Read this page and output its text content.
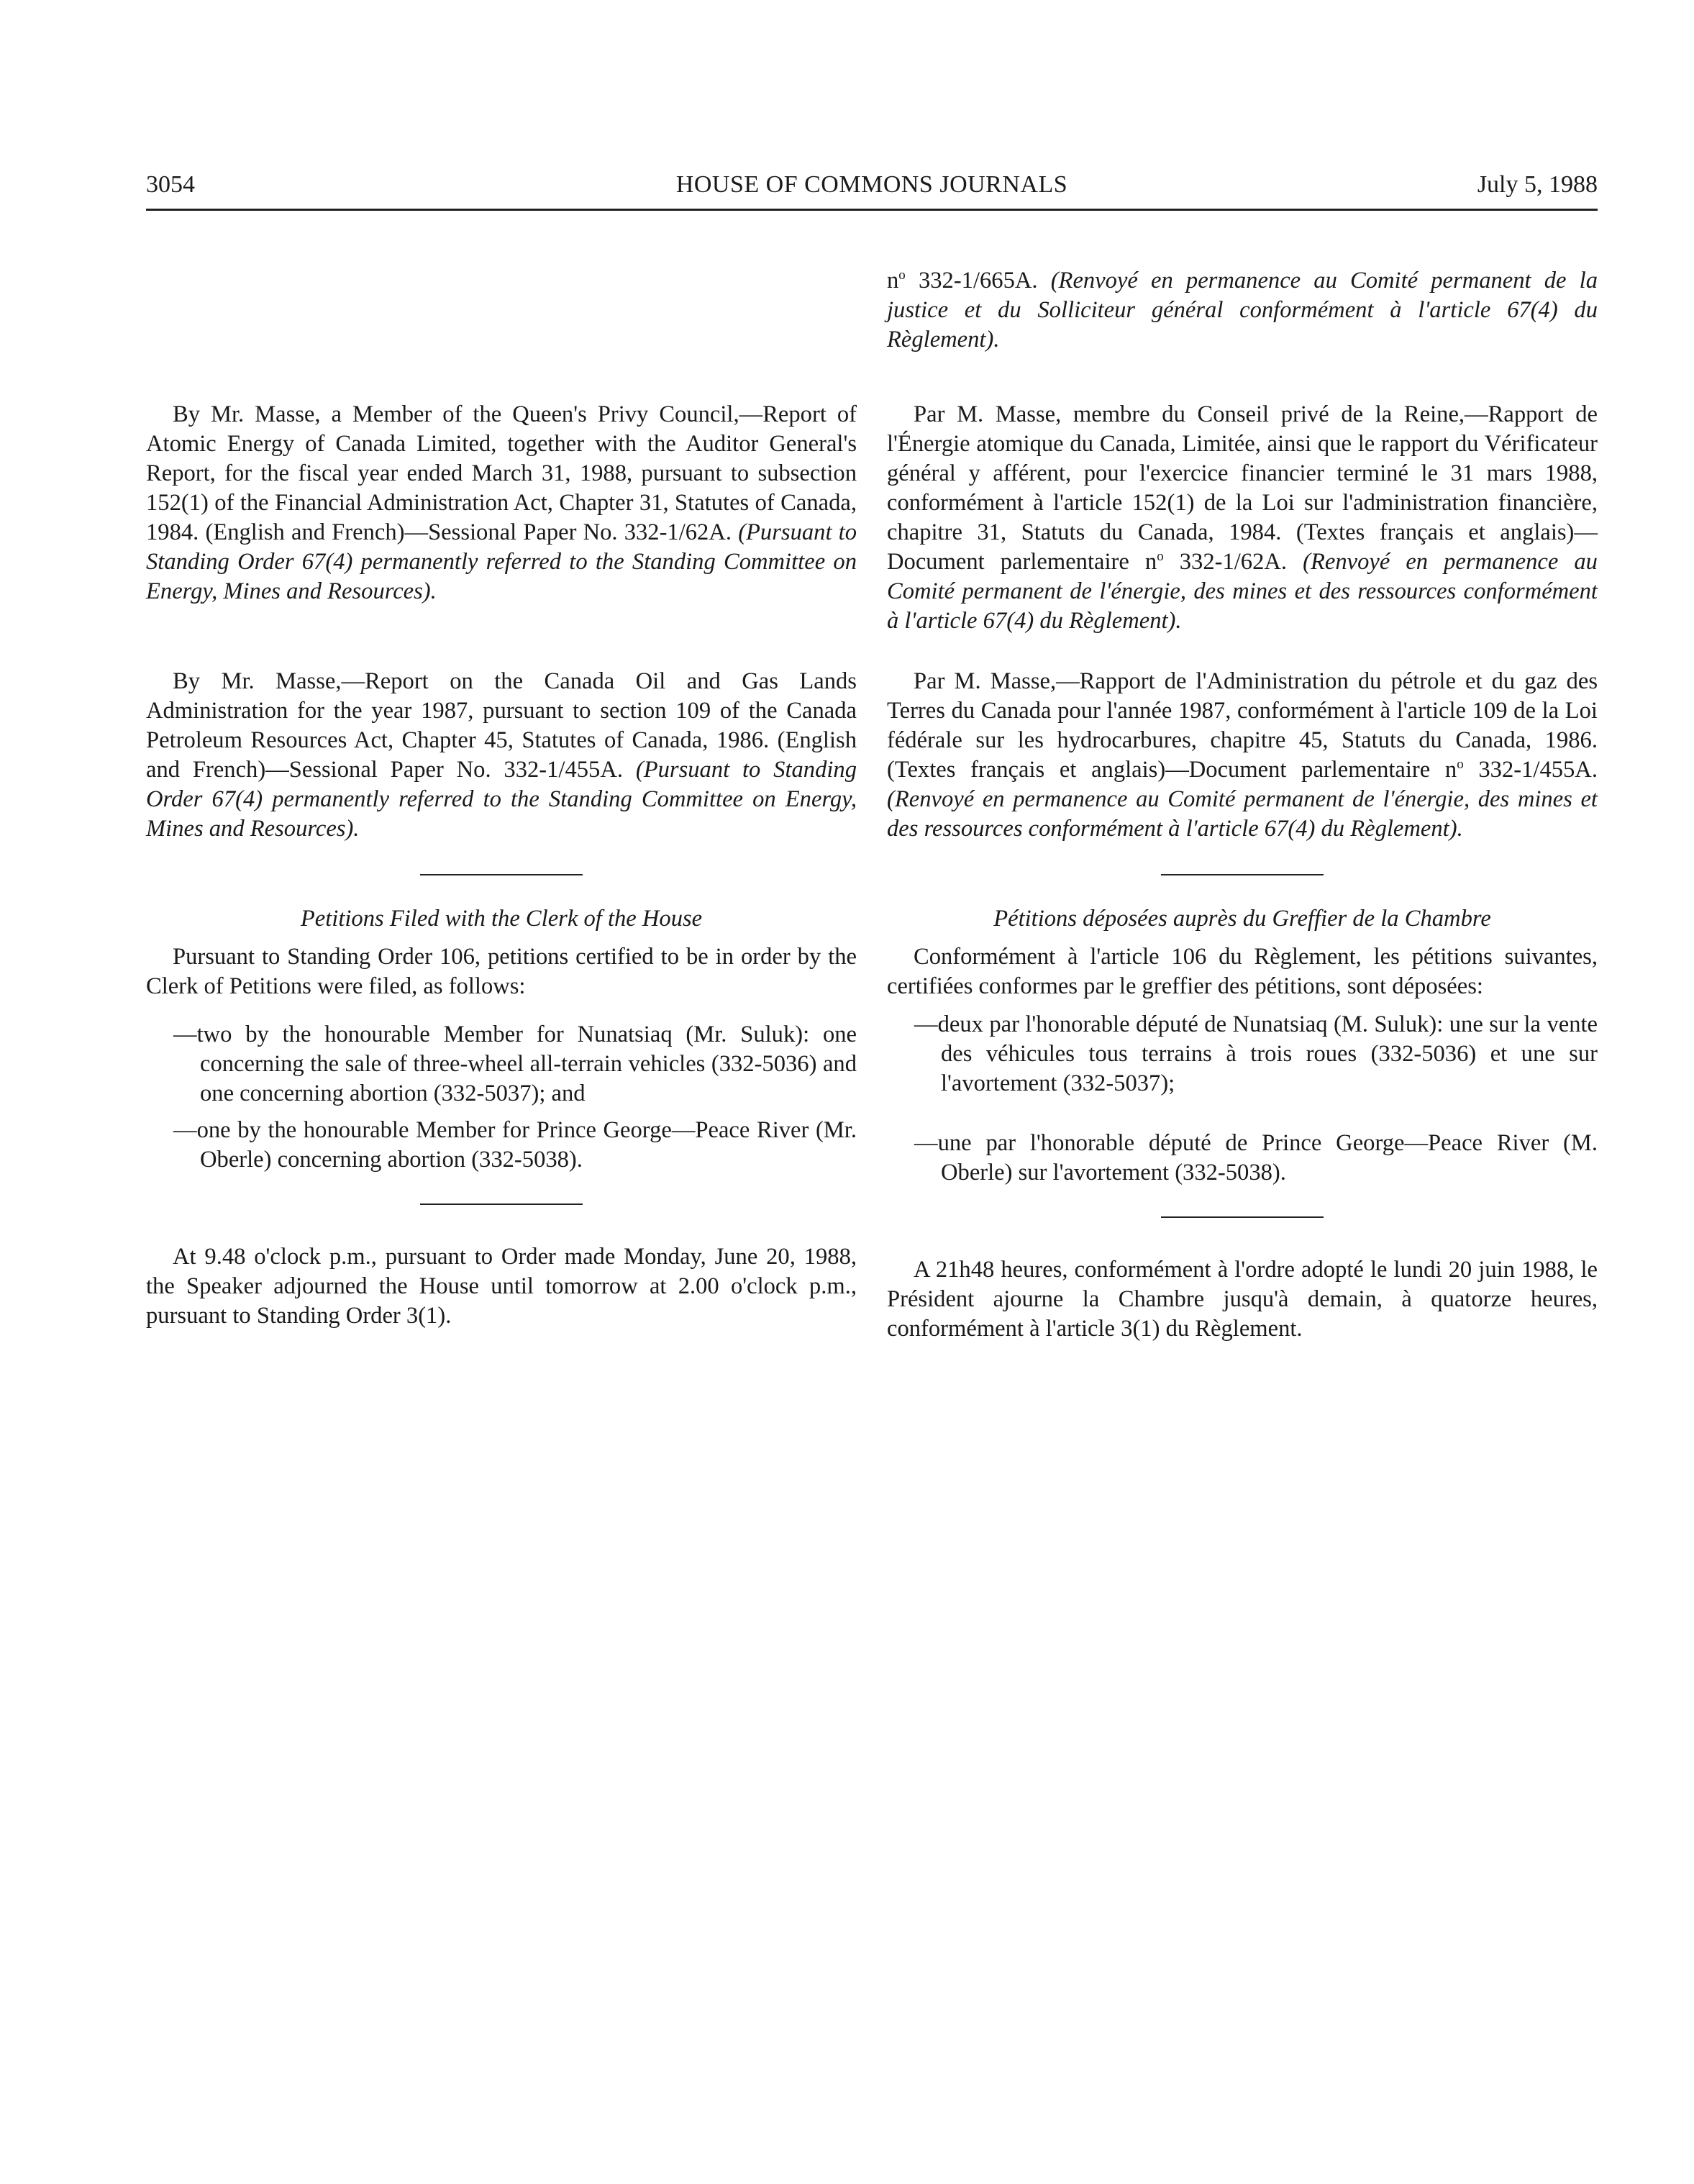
3054	HOUSE OF COMMONS JOURNALS	July 5, 1988

By Mr. Masse, a Member of the Queen's Privy Council,—Report of Atomic Energy of Canada Limited, together with the Auditor General's Report, for the fiscal year ended March 31, 1988, pursuant to subsection 152(1) of the Financial Administration Act, Chapter 31, Statutes of Canada, 1984. (English and French)—Sessional Paper No. 332-1/62A. (Pursuant to Standing Order 67(4) permanently referred to the Standing Committee on Energy, Mines and Resources).

By Mr. Masse,—Report on the Canada Oil and Gas Lands Administration for the year 1987, pursuant to section 109 of the Canada Petroleum Resources Act, Chapter 45, Statutes of Canada, 1986. (English and French)—Sessional Paper No. 332-1/455A. (Pursuant to Standing Order 67(4) permanently referred to the Standing Committee on Energy, Mines and Resources).

Petitions Filed with the Clerk of the House

Pursuant to Standing Order 106, petitions certified to be in order by the Clerk of Petitions were filed, as follows:

—two by the honourable Member for Nunatsiaq (Mr. Suluk): one concerning the sale of three-wheel all-terrain vehicles (332-5036) and one concerning abortion (332-5037); and

—one by the honourable Member for Prince George—Peace River (Mr. Oberle) concerning abortion (332-5038).

At 9.48 o'clock p.m., pursuant to Order made Monday, June 20, 1988, the Speaker adjourned the House until tomorrow at 2.00 o'clock p.m., pursuant to Standing Order 3(1).

$n^o$ 332-1/665A. (Renvoyé en permanence au Comité permanent de la justice et du Solliciteur général conformément à l'article 67(4) du Règlement).

Par M. Masse, membre du Conseil privé de la Reine,—Rapport de l'Énergie atomique du Canada, Limitée, ainsi que le rapport du Vérificateur général y afférent, pour l'exercice financier terminé le 31 mars 1988, conformément à l'article 152(1) de la Loi sur l'administration financière, chapitre 31, Statuts du Canada, 1984. (Textes français et anglais)—Document parlementaire $n^o$ 332-1/62A. (Renvoyé en permanence au Comité permanent de l'énergie, des mines et des ressources conformément à l'article 67(4) du Règlement).

Par M. Masse,—Rapport de l'Administration du pétrole et du gaz des Terres du Canada pour l'année 1987, conformément à l'article 109 de la Loi fédérale sur les hydrocarbures, chapitre 45, Statuts du Canada, 1986. (Textes français et anglais)—Document parlementaire $n^o$ 332-1/455A. (Renvoyé en permanence au Comité permanent de l'énergie, des mines et des ressources conformément à l'article 67(4) du Règlement).

Pétitions déposées auprès du Greffier de la Chambre

Conformément à l'article 106 du Règlement, les pétitions suivantes, certifiées conformes par le greffier des pétitions, sont déposées:

—deux par l'honorable député de Nunatsiaq (M. Suluk): une sur la vente des véhicules tous terrains à trois roues (332-5036) et une sur l'avortement (332-5037);

—une par l'honorable député de Prince George—Peace River (M. Oberle) sur l'avortement (332-5038).

A 21h48 heures, conformément à l'ordre adopté le lundi 20 juin 1988, le Président ajourne la Chambre jusqu'à demain, à quatorze heures, conformément à l'article 3(1) du Règlement.
